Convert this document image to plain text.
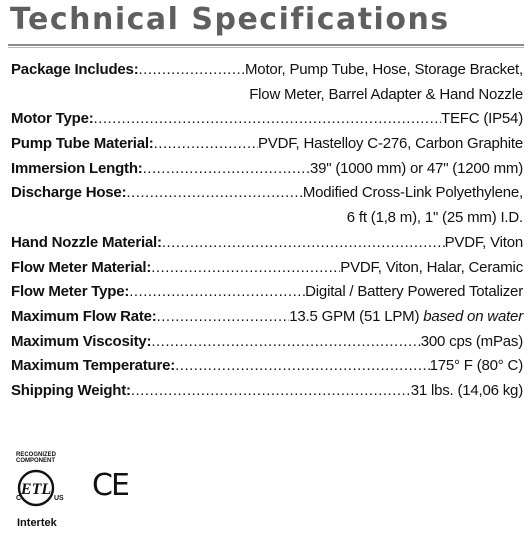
Technical Specifications
Package Includes: .....	Motor, Pump Tube, Hose, Storage Bracket,
Flow Meter, Barrel Adapter & Hand Nozzle
Motor Type: .....	TEFC (IP54)
Pump Tube Material: .....	PVDF, Hastelloy C-276, Carbon Graphite
Immersion Length: .....	39" (1000 mm) or 47" (1200 mm)
Discharge Hose: .....	Modified Cross-Link Polyethylene,
6 ft (1,8 m), 1" (25 mm) I.D.
Hand Nozzle Material: .....	PVDF, Viton
Flow Meter Material: .....	PVDF, Viton, Halar, Ceramic
Flow Meter Type: .....	Digital / Battery Powered Totalizer
Maximum Flow Rate: .....	13.5 GPM (51 LPM) based on water
Maximum Viscosity: .....	300 cps (mPas)
Maximum Temperature: .....	175° F (80° C)
Shipping Weight: .....	31 lbs. (14,06 kg)
RECOGNIZED COMPONENT
ETL
C	US
Intertek
CE
